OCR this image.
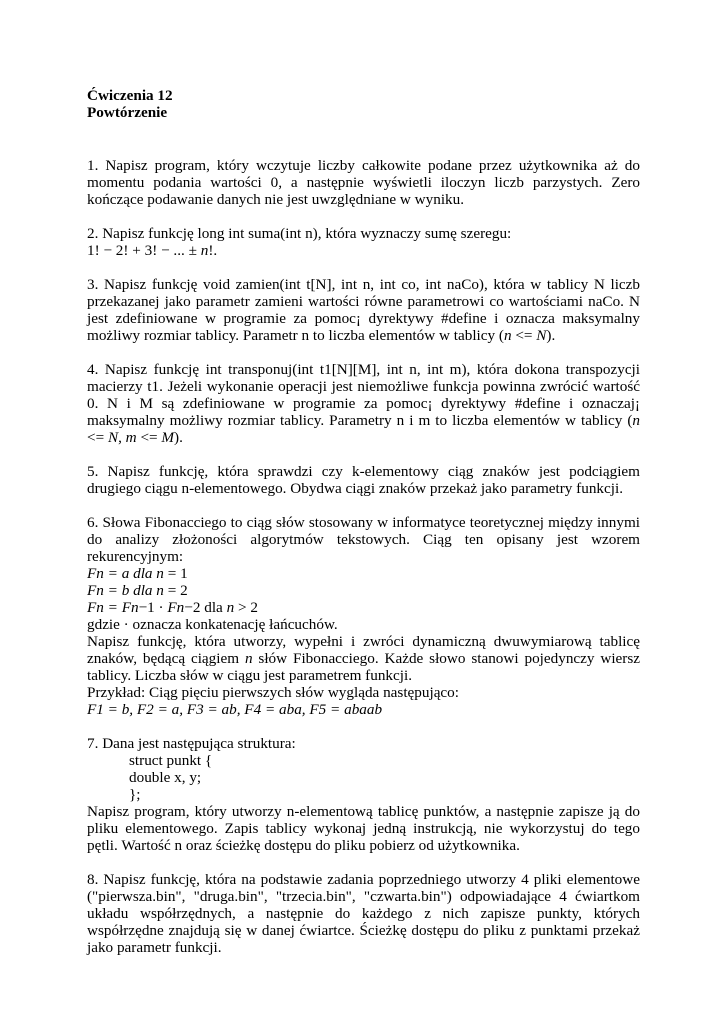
Ćwiczenia 12
Powtórzenie

1. Napisz program, który wczytuje liczby całkowite podane przez użytkownika aż do momentu podania wartości 0, a następnie wyświetli iloczyn liczb parzystych. Zero kończące podawanie danych nie jest uwzględniane w wyniku.

2. Napisz funkcję long int suma(int n), która wyznaczy sumę szeregu:
1! − 2! + 3! − ... ± n!.

3. Napisz funkcję void zamien(int t[N], int n, int co, int naCo), która w tablicy N liczb przekazanej jako parametr zamieni wartości równe parametrowi co wartościami naCo. N jest zdefiniowane w programie za pomoc¡ dyrektywy #define i oznacza maksymalny możliwy rozmiar tablicy. Parametr n to liczba elementów w tablicy (n <= N).

4. Napisz funkcję int transponuj(int t1[N][M], int n, int m), która dokona transpozycji macierzy t1. Jeżeli wykonanie operacji jest niemożliwe funkcja powinna zwrócić wartość 0. N i M są zdefiniowane w programie za pomoc¡ dyrektywy #define i oznaczaj¡ maksymalny możliwy rozmiar tablicy. Parametry n i m to liczba elementów w tablicy (n <= N, m <= M).

5. Napisz funkcję, która sprawdzi czy k-elementowy ciąg znaków jest podciągiem drugiego ciągu n-elementowego. Obydwa ciągi znaków przekaż jako parametry funkcji.

6. Słowa Fibonacciego to ciąg słów stosowany w informatyce teoretycznej między innymi do analizy złożoności algorytmów tekstowych. Ciąg ten opisany jest wzorem rekurencyjnym:
Fn = a dla n = 1
Fn = b dla n = 2
Fn = Fn−1 · Fn−2 dla n > 2
gdzie · oznacza konkatenację łańcuchów.
Napisz funkcję, która utworzy, wypełni i zwróci dynamiczną dwuwymiarową tablicę znaków, będącą ciągiem n słów Fibonacciego. Każde słowo stanowi pojedynczy wiersz tablicy. Liczba słów w ciągu jest parametrem funkcji.
Przykład: Ciąg pięciu pierwszych słów wygląda następująco:
F1 = b, F2 = a, F3 = ab, F4 = aba, F5 = abaab

7. Dana jest następująca struktura:
struct punkt {
double x, y;
};
Napisz program, który utworzy n-elementową tablicę punktów, a następnie zapisze ją do pliku elementowego. Zapis tablicy wykonaj jedną instrukcją, nie wykorzystuj do tego pętli. Wartość n oraz ścieżkę dostępu do pliku pobierz od użytkownika.

8. Napisz funkcję, która na podstawie zadania poprzedniego utworzy 4 pliki elementowe ("pierwsza.bin", "druga.bin", "trzecia.bin", "czwarta.bin") odpowiadające 4 ćwiartkom układu współrzędnych, a następnie do każdego z nich zapisze punkty, których współrzędne znajdują się w danej ćwiartce. Ścieżkę dostępu do pliku z punktami przekaż jako parametr funkcji.
